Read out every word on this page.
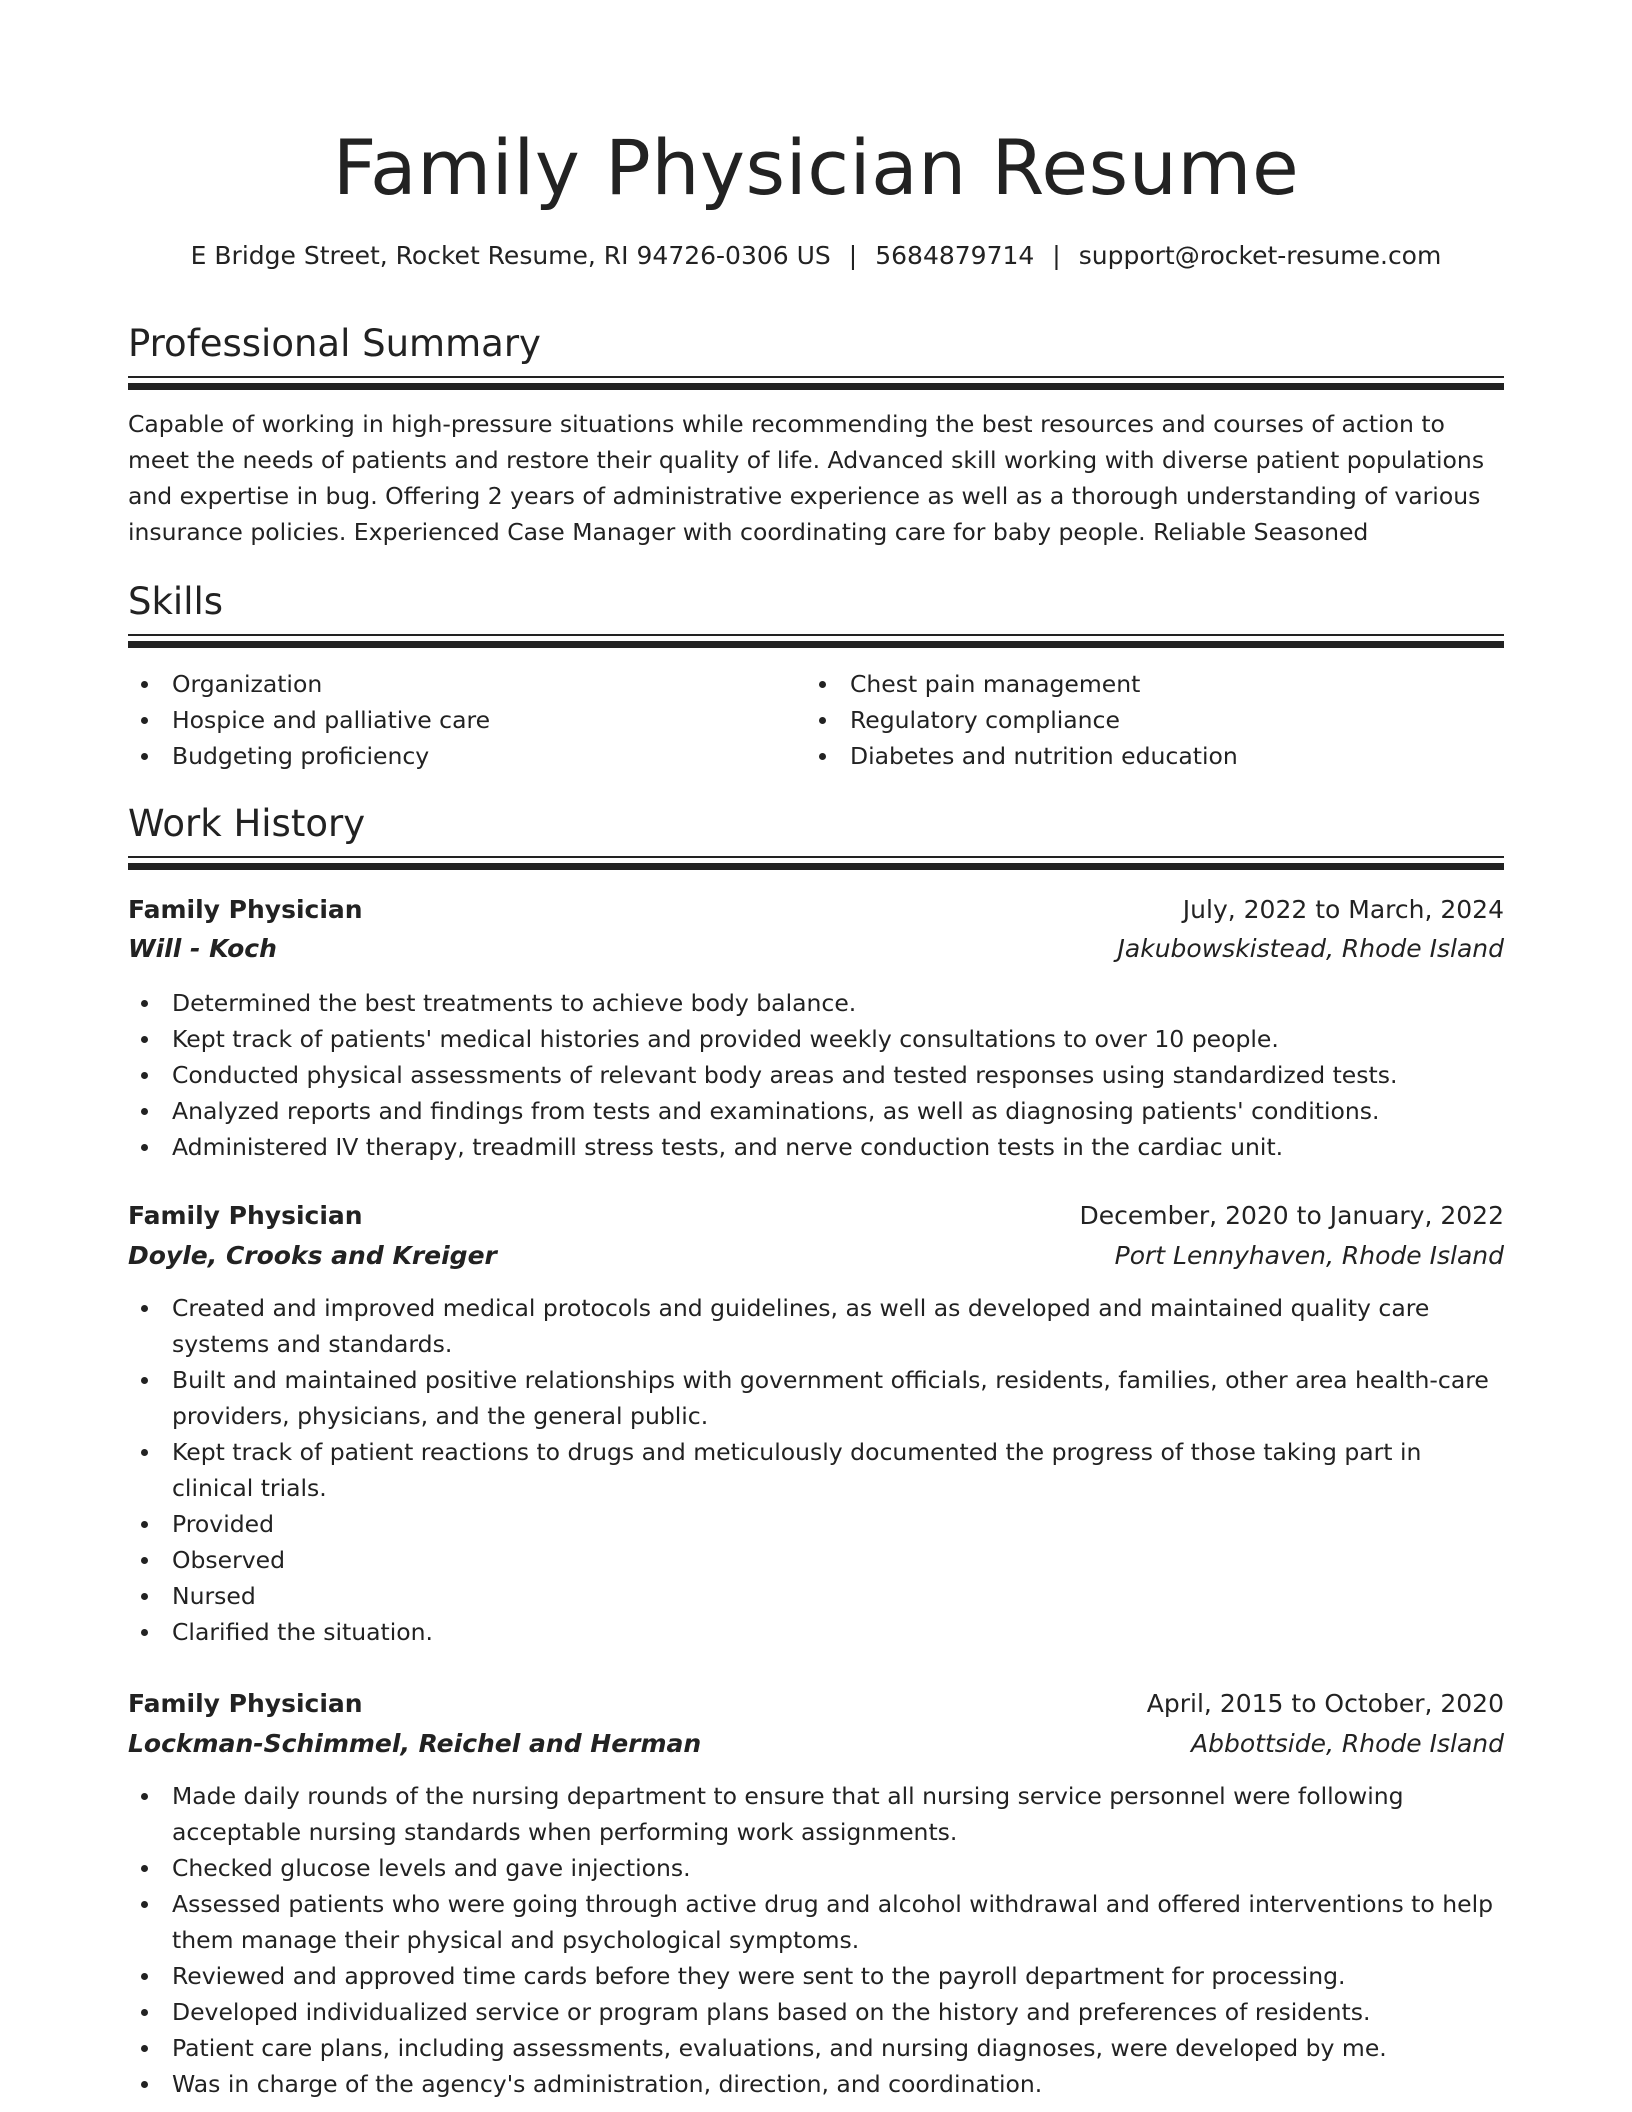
Family Physician Resume
E Bridge Street, Rocket Resume, RI 94726-0306 US | 5684879714 | support@rocket-resume.com
Professional Summary
Capable of working in high-pressure situations while recommending the best resources and courses of action to meet the needs of patients and restore their quality of life. Advanced skill working with diverse patient populations and expertise in bug. Offering 2 years of administrative experience as well as a thorough understanding of various insurance policies. Experienced Case Manager with coordinating care for baby people. Reliable Seasoned
Skills
Organization
Hospice and palliative care
Budgeting proficiency
Chest pain management
Regulatory compliance
Diabetes and nutrition education
Work History
Family Physician	July, 2022 to March, 2024
Will - Koch	Jakubowskistead, Rhode Island
Determined the best treatments to achieve body balance.
Kept track of patients' medical histories and provided weekly consultations to over 10 people.
Conducted physical assessments of relevant body areas and tested responses using standardized tests.
Analyzed reports and findings from tests and examinations, as well as diagnosing patients' conditions.
Administered IV therapy, treadmill stress tests, and nerve conduction tests in the cardiac unit.
Family Physician	December, 2020 to January, 2022
Doyle, Crooks and Kreiger	Port Lennyhaven, Rhode Island
Created and improved medical protocols and guidelines, as well as developed and maintained quality care systems and standards.
Built and maintained positive relationships with government officials, residents, families, other area health-care providers, physicians, and the general public.
Kept track of patient reactions to drugs and meticulously documented the progress of those taking part in clinical trials.
Provided
Observed
Nursed
Clarified the situation.
Family Physician	April, 2015 to October, 2020
Lockman-Schimmel, Reichel and Herman	Abbottside, Rhode Island
Made daily rounds of the nursing department to ensure that all nursing service personnel were following acceptable nursing standards when performing work assignments.
Checked glucose levels and gave injections.
Assessed patients who were going through active drug and alcohol withdrawal and offered interventions to help them manage their physical and psychological symptoms.
Reviewed and approved time cards before they were sent to the payroll department for processing.
Developed individualized service or program plans based on the history and preferences of residents.
Patient care plans, including assessments, evaluations, and nursing diagnoses, were developed by me.
Was in charge of the agency's administration, direction, and coordination.
